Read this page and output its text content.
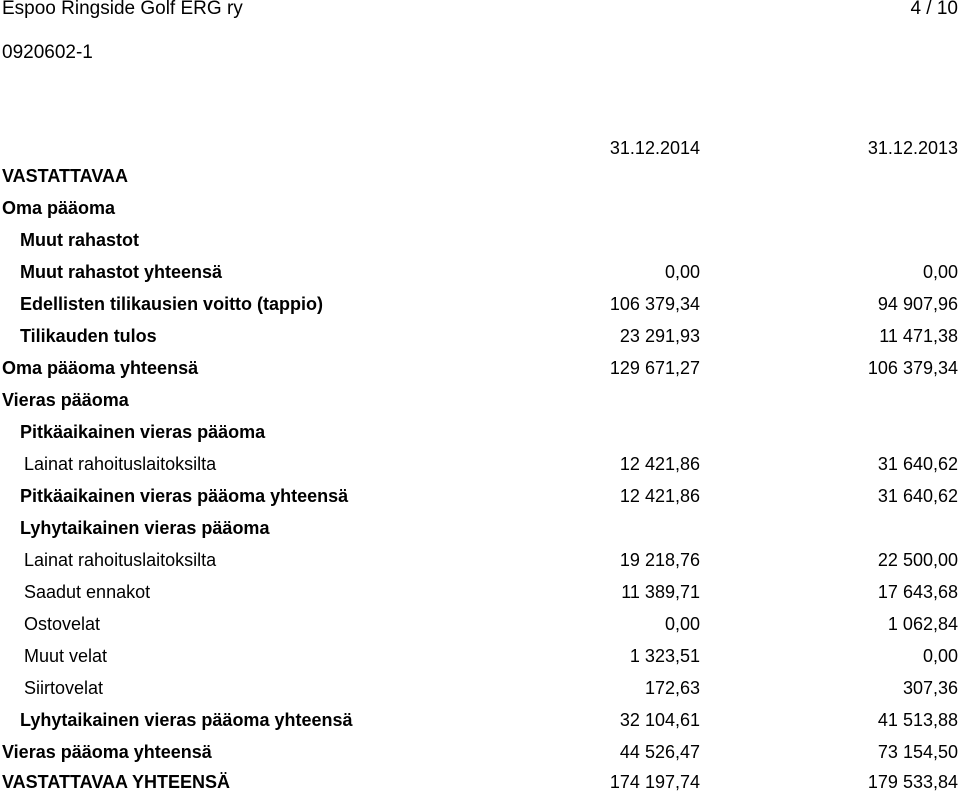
Espoo Ringside Golf ERG ry	4 / 10
0920602-1
31.12.2014	31.12.2013
VASTATTAVAA
Oma pääoma
Muut rahastot
Muut rahastot yhteensä	0,00	0,00
Edellisten tilikausien voitto (tappio)	106 379,34	94 907,96
Tilikauden tulos	23 291,93	11 471,38
Oma pääoma yhteensä	129 671,27	106 379,34
Vieras pääoma
Pitkäaikainen vieras pääoma
Lainat rahoituslaitoksilta	12 421,86	31 640,62
Pitkäaikainen vieras pääoma yhteensä	12 421,86	31 640,62
Lyhytaikainen vieras pääoma
Lainat rahoituslaitoksilta	19 218,76	22 500,00
Saadut ennakot	11 389,71	17 643,68
Ostovelat	0,00	1 062,84
Muut velat	1 323,51	0,00
Siirtovelat	172,63	307,36
Lyhytaikainen vieras pääoma yhteensä	32 104,61	41 513,88
Vieras pääoma yhteensä	44 526,47	73 154,50
VASTATTAVAA YHTEENSÄ	174 197,74	179 533,84
